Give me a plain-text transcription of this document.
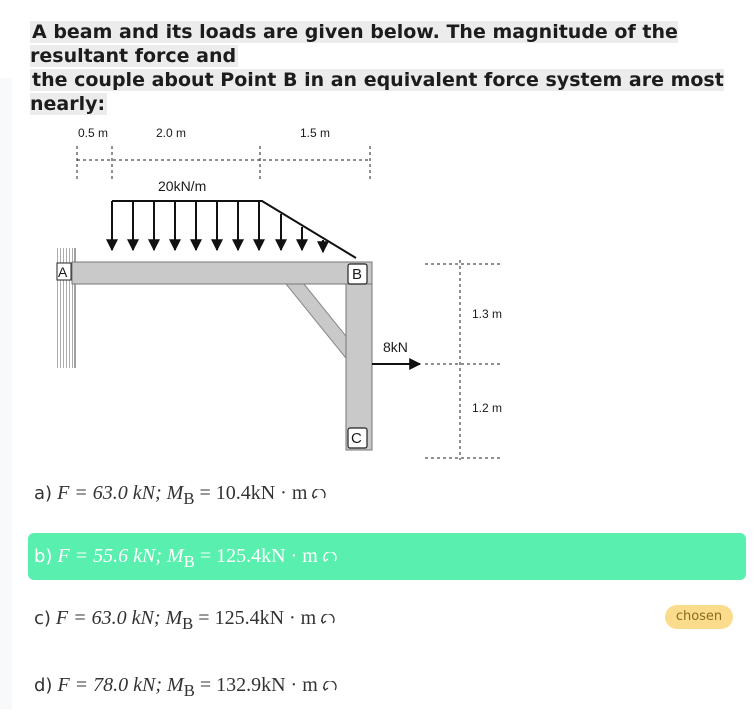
A beam and its loads are given below. The magnitude of the resultant force and
the couple about Point B in an equivalent force system are most nearly:
0.5 m	2.0 m	1.5 m
20kN/m
A	B
C
8kN
1.3 m
1.2 m
a) F = 63.0 kN; $M_B = 10.4kN \cdot m$
b) F = 55.6 kN; $M_B = 125.4kN \cdot m$
c) F = 63.0 kN; $M_B = 125.4kN \cdot m$	chosen
d) F = 78.0 kN; $M_B = 132.9kN \cdot m$
